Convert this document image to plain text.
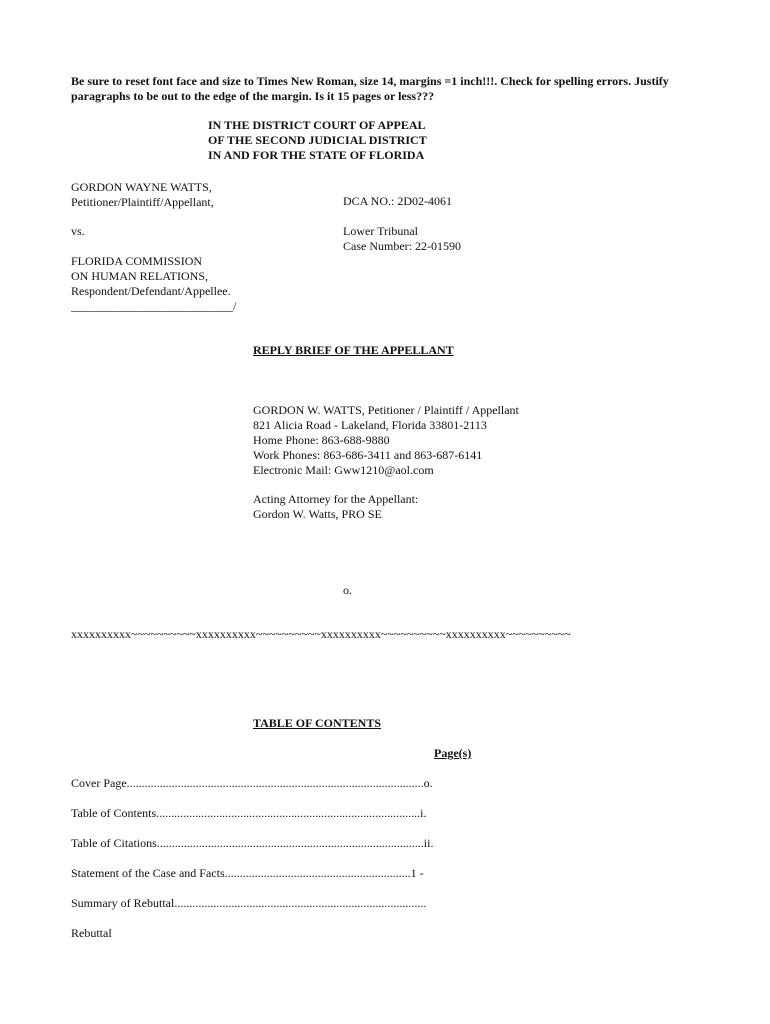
Be sure to reset font face and size to Times New Roman, size 14, margins =1 inch!!!. Check for spelling errors. Justify
paragraphs to be out to the edge of the margin. Is it 15 pages or less???
IN THE DISTRICT COURT OF APPEAL
OF THE SECOND JUDICIAL DISTRICT
IN AND FOR THE STATE OF FLORIDA
GORDON WAYNE WATTS,
Petitioner/Plaintiff/Appellant,	DCA NO.: 2D02-4061
vs.	Lower Tribunal
Case Number: 22-01590
FLORIDA COMMISSION
ON HUMAN RELATIONS,
Respondent/Defendant/Appellee.
___________________________/
REPLY BRIEF OF THE APPELLANT
GORDON W. WATTS, Petitioner / Plaintiff / Appellant
821 Alicia Road - Lakeland, Florida 33801-2113
Home Phone: 863-688-9880
Work Phones: 863-686-3411 and 863-687-6141
Electronic Mail: Gww1210@aol.com
Acting Attorney for the Appellant:
Gordon W. Watts, PRO SE
o.
xxxxxxxxxx~~~~~~~~~~xxxxxxxxxx~~~~~~~~~~xxxxxxxxxx~~~~~~~~~~xxxxxxxxxx~~~~~~~~~~
TABLE OF CONTENTS
Page(s)
Cover Page...................................................................................................o.
Table of Contents........................................................................................i.
Table of Citations.........................................................................................ii.
Statement of the Case and Facts..............................................................1 -
Summary of Rebuttal....................................................................................
Rebuttal
